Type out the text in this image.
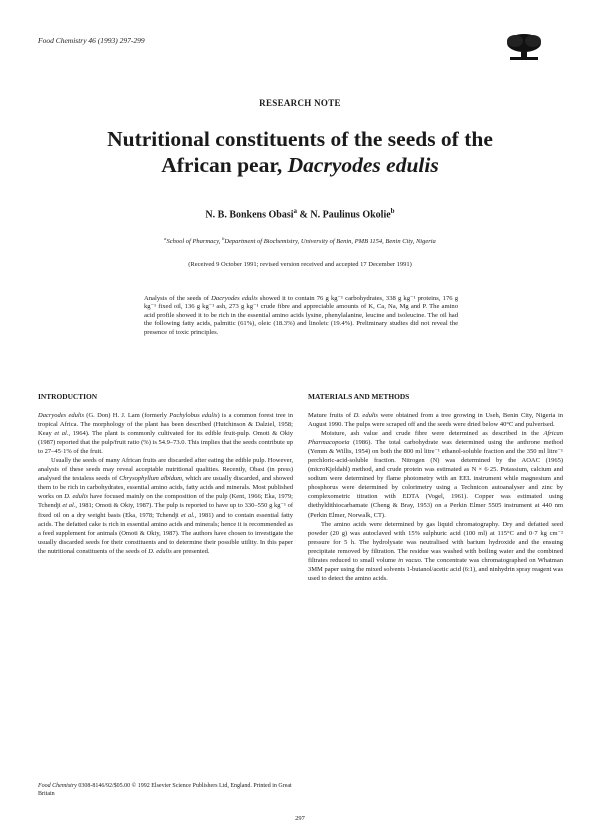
Food Chemistry 46 (1993) 297-299
RESEARCH NOTE
Nutritional constituents of the seeds of the
African pear, Dacryodes edulis
N. B. Bonkens Obasi$^a$ & N. Paulinus Okolie$^b$
$^a$School of Pharmacy, $^b$Department of Biochemistry, University of Benin, PMB 1154, Benin City, Nigeria
(Received 9 October 1991; revised version received and accepted 17 December 1991)
Analysis of the seeds of Dacryodes edulis showed it to contain 76 g kg⁻¹ carbohydrates, 338 g kg⁻¹ proteins, 176 g kg⁻¹ fixed oil, 136 g kg⁻¹ ash, 273 g kg⁻¹ crude fibre and appreciable amounts of K, Ca, Na, Mg and P. The amino acid profile showed it to be rich in the essential amino acids lysine, phenylalanine, leucine and isoleucine. The oil had the following fatty acids, palmitic (61%), oleic (18.3%) and linoleic (19.4%). Preliminary studies did not reveal the presence of toxic principles.
INTRODUCTION	MATERIALS AND METHODS

Dacryodes edulis (G. Don) H. J. Lam (formerly Pachylobus edulis) is a common forest tree in tropical Africa. The morphology of the plant has been described (Hutchinson & Dalziel, 1958; Keay et al., 1964). The plant is commonly cultivated for its edible fruit-pulp. Omoti & Okiy (1987) reported that the pulp/fruit ratio (%) is 54.9–73.0. This implies that the seeds contribute up to 27–45·1% of the fruit.

Usually the seeds of many African fruits are discarded after eating the edible pulp. However, analysis of these seeds may reveal acceptable nutritional qualities. Recently, Obasi (in press) analysed the testaless seeds of Chrysophyllum albidum, which are usually discarded, and showed them to be rich in carbohydrates, essential amino acids, fatty acids and minerals. Most published works on D. edulis have focused mainly on the composition of the pulp (Kent, 1966; Eka, 1979; Tchendji et al., 1981; Omoti & Okiy, 1987). The pulp is reported to have up to 330–550 g kg⁻¹ of fixed oil on a dry weight basis (Eka, 1978; Tchendji et al., 1981) and to contain essential fatty acids. The defatted cake is rich in essential amino acids and minerals; hence it is recommended as a feed supplement for animals (Omoti & Okiy, 1987). The authors have chosen to investigate the usually discarded seeds for their constituents and to determine their possible utility. In this paper the nutritional constituents of the seeds of D. edulis are presented.

Mature fruits of D. edulis were obtained from a tree growing in Useh, Benin City, Nigeria in August 1990. The pulps were scraped off and the seeds were dried below 40°C and pulverised.

Moisture, ash value and crude fibre were determined as described in the African Pharmacopoeia (1986). The total carbohydrate was determined using the anthrone method (Yemm & Willis, 1954) on both the 800 ml litre⁻¹ ethanol-soluble fraction and the 350 ml litre⁻¹ perchloric-acid-soluble fraction. Nitrogen (N) was determined by the AOAC (1965) (microKjeldahl) method, and crude protein was estimated as N × 6·25. Potassium, calcium and sodium were determined by flame photometry with an EEL instrument while magnesium and phosphorus were determined by colorimetry using a Technicon autoanalyser and zinc by complexometric titration with EDTA (Vogel, 1961). Copper was estimated using diethyldithiocarbamate (Cheng & Bray, 1953) on a Perkin Elmer 5505 instrument at 440 nm (Perkin Elmer, Norwalk, CT).

The amino acids were determined by gas liquid chromatography. Dry and defatted seed powder (20 g) was autoclaved with 15% sulphuric acid (100 ml) at 115°C and 0·7 kg cm⁻² pressure for 5 h. The hydrolysate was neutralised with barium hydroxide and the ensuing precipitate removed by filtration. The residue was washed with boiling water and the combined filtrates reduced to small volume in vacuo. The concentrate was chromatographed on Whatman 3MM paper using the mixed solvents 1-butanol/acetic acid (6:1), and ninhydrin spray reagent was used to detect the amino acids.

Food Chemistry 0308-8146/92/$05.00 © 1992 Elsevier Science Publishers Ltd, England. Printed in Great Britain
297
